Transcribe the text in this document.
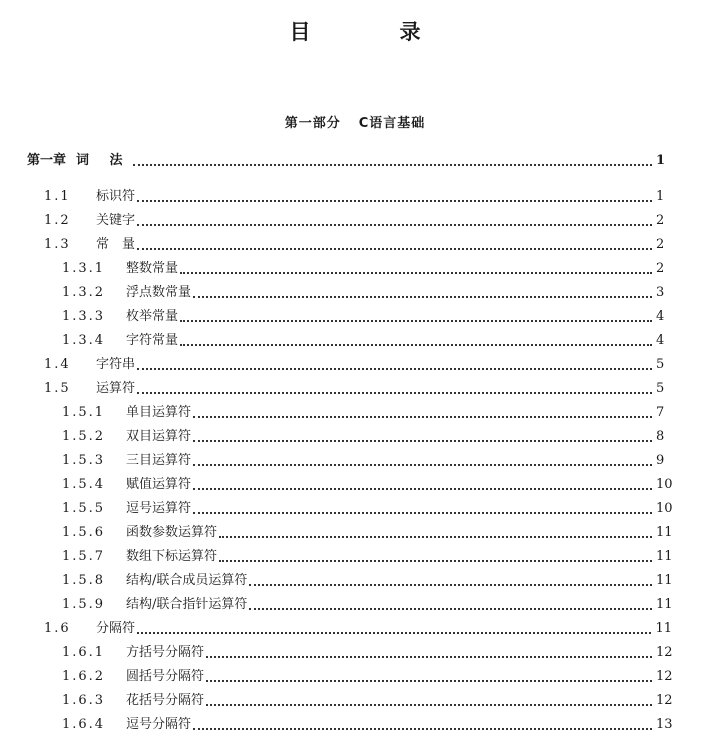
目　录
第一部分 C语言基础
第一章 词 法	1
1.1	标识符	1
1.2	关键字	2
1.3	常　量	2
1.3.1	整数常量	2
1.3.2	浮点数常量	3
1.3.3	枚举常量	4
1.3.4	字符常量	4
1.4	字符串	5
1.5	运算符	5
1.5.1	单目运算符	7
1.5.2	双目运算符	8
1.5.3	三目运算符	9
1.5.4	赋值运算符	10
1.5.5	逗号运算符	10
1.5.6	函数参数运算符	11
1.5.7	数组下标运算符	11
1.5.8	结构/联合成员运算符	11
1.5.9	结构/联合指针运算符	11
1.6	分隔符	11
1.6.1	方括号分隔符	12
1.6.2	圆括号分隔符	12
1.6.3	花括号分隔符	12
1.6.4	逗号分隔符	13
